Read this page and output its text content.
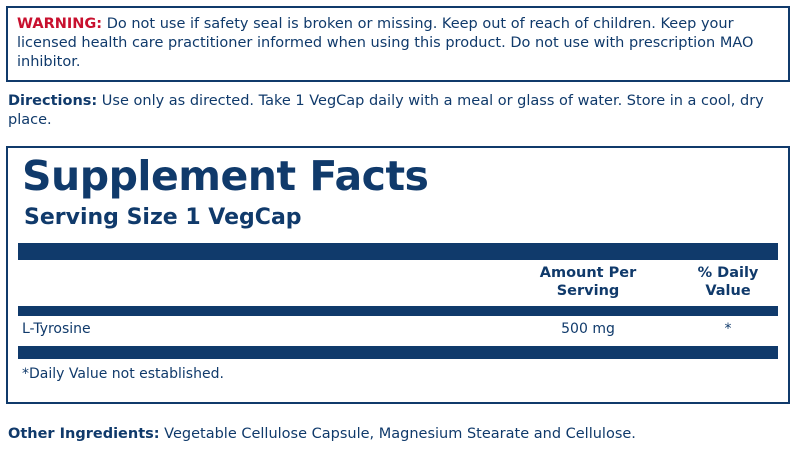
WARNING: Do not use if safety seal is broken or missing. Keep out of reach of children. Keep your licensed health care practitioner informed when using this product. Do not use with prescription MAO inhibitor.

Directions: Use only as directed. Take 1 VegCap daily with a meal or glass of water. Store in a cool, dry place.
Supplement Facts
Serving Size 1 VegCap
Amount Per
Serving
% Daily
Value
L-Tyrosine	500 mg	*
*Daily Value not established.
Other Ingredients: Vegetable Cellulose Capsule, Magnesium Stearate and Cellulose.
